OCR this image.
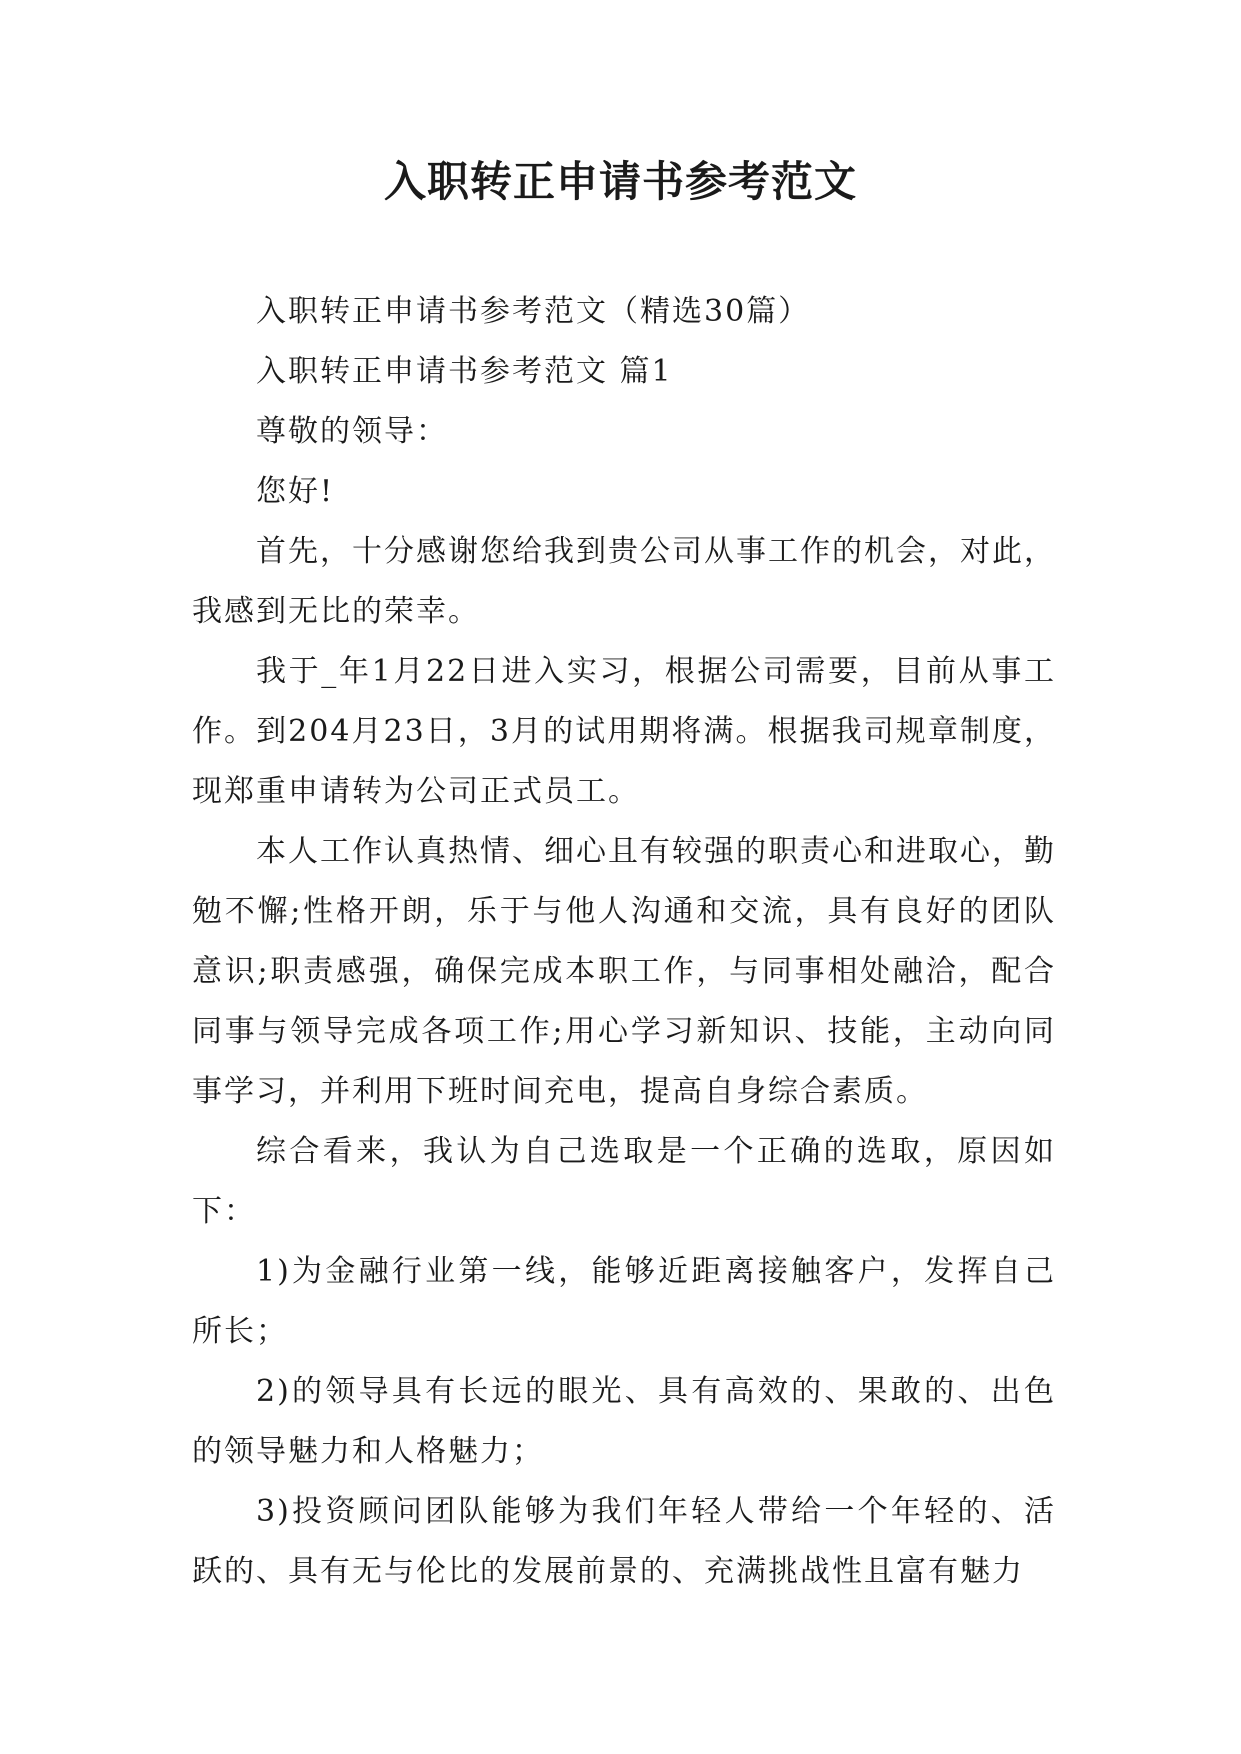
入职转正申请书参考范文

入职转正申请书参考范文（精选30篇）

入职转正申请书参考范文 篇1

尊敬的领导：

您好!

首先，十分感谢您给我到贵公司从事工作的机会，对此，我感到无比的荣幸。

我于_年1月22日进入实习，根据公司需要，目前从事工作。到204月23日，3月的试用期将满。根据我司规章制度，现郑重申请转为公司正式员工。

本人工作认真热情、细心且有较强的职责心和进取心，勤勉不懈;性格开朗，乐于与他人沟通和交流，具有良好的团队意识;职责感强，确保完成本职工作，与同事相处融洽，配合同事与领导完成各项工作;用心学习新知识、技能，主动向同事学习，并利用下班时间充电，提高自身综合素质。

综合看来，我认为自己选取是一个正确的选取，原因如下：

1)为金融行业第一线，能够近距离接触客户，发挥自己所长；

2)的领导具有长远的眼光、具有高效的、果敢的、出色的领导魅力和人格魅力；

3)投资顾问团队能够为我们年轻人带给一个年轻的、活跃的、具有无与伦比的发展前景的、充满挑战性且富有魅力
